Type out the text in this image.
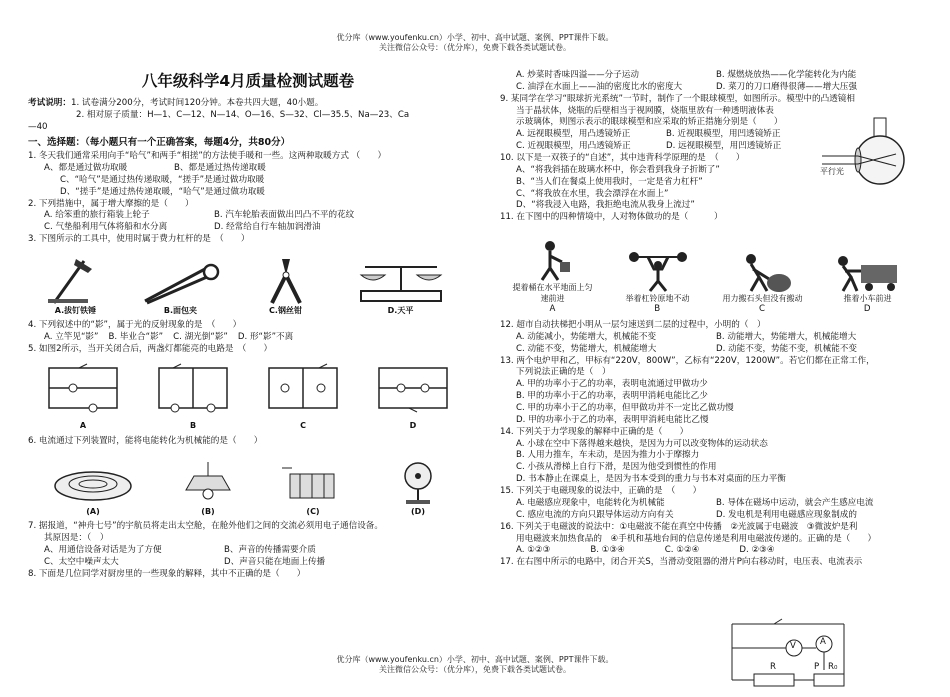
优分库（www.youfenku.cn）小学、初中、高中试题、案例、PPT课件下载。
关注微信公众号：（优分库），免费下载各类试题试卷。
八年级科学4月质量检测试题卷

考试说明：1. 试卷满分200分，考试时间120分钟。本卷共四大题，40小题。

2. 相对原子质量：H—1、C—12、N—14、O—16、S—32、Cl—35.5、Na—23、Ca

—40

一、选择题：（每小题只有一个正确答案，每题4分，共80分）

1. 冬天我们通常采用向手“哈气”和两手“相搓”的方法使手暖和一些。这两种取暖方式 （　　）

A、都是通过做功取暖	B、都是通过热传递取暖

C、“哈气”是通过热传递取暖，“搓手”是通过做功取暖

D、“搓手”是通过热传递取暖，“哈气”是通过做功取暖

2. 下列措施中，属于增大摩擦的是（　　）

A. 给笨重的旅行箱装上轮子	B. 汽车轮胎表面做出凹凸不平的花纹
C. 气垫船利用气体将船和水分离	D. 经常给自行车轴加润滑油

3. 下图所示的工具中，使用时属于费力杠杆的是　（　　）

A.拔钉铁锤	B.面包夹	C.钢丝钳	D.天平

4. 下列叙述中的“影”，属于光的反射现象的是　（　　）

A. 立竿见“影” B. 毕业合“影” C. 湖光倒“影” D. 形“影”不离

5. 如图2所示，当开关闭合后，两盏灯都能亮的电路是　（　　）

A	B	C	D

6. 电流通过下列装置时，能将电能转化为机械能的是（　　）

(A)	(B)	(C)	(D)

7. 据报道，“神舟七号”的宇航员将走出太空舱，在舱外他们之间的交流必须用电子通信设备。

其原因是：（　）

A、用通信设备对话是为了方便	B、声音的传播需要介质
C、太空中噪声太大	D、声音只能在地面上传播

8. 下面是几位同学对厨房里的一些现象的解释，其中不正确的是（　　）

A. 炒菜时香味四溢——分子运动	B. 煤燃烧放热——化学能转化为内能
C. 油浮在水面上——油的密度比水的密度大	D. 菜刀的刀口磨得很薄——增大压强

9. 某同学在学习“眼球折光系统”一节时，制作了一个眼球模型，如图所示。模型中的凸透镜相

当于晶状体，烧瓶的后壁相当于视网膜，烧瓶里放有一种透明液体表

示玻璃体，则图示表示的眼球模型和应采取的矫正措施分别是（　　）

A. 远视眼模型，用凸透镜矫正	B. 近视眼模型，用凹透镜矫正
C. 近视眼模型，用凸透镜矫正	D. 远视眼模型，用凹透镜矫正
平行光

10. 以下是一双筷子的“自述”，其中违背科学原理的是　（　　）

A、“将我斜插在玻璃水杯中，你会看到我身子折断了”

B、“当人们在餐桌上使用我时，一定是省力杠杆”

C、“将我放在水里，我会漂浮在水面上”

D、“将我浸入电路，我拒绝电流从我身上流过”

11. 在下图中的四种情境中，人对物体做功的是（　　　）

提着桶在水平地面上匀速前进	举着杠铃原地不动	用力搬石头但没有搬动	推着小车前进
A	B	C	D

12. 超市自动扶梯把小明从一层匀速送到二层的过程中，小明的（　）

A. 动能减小，势能增大，机械能不变	B. 动能增大，势能增大，机械能增大
C. 动能不变，势能增大，机械能增大	D. 动能不变，势能不变，机械能不变

13. 两个电炉甲和乙，甲标有“220V，800W”，乙标有“220V，1200W”。若它们都在正常工作，

下列说法正确的是（　）

A. 甲的功率小于乙的功率，表明电流通过甲做功少

B. 甲的功率小于乙的功率，表明甲消耗电能比乙少

C. 甲的功率小于乙的功率，但甲做功并不一定比乙做功慢

D. 甲的功率小于乙的功率，表明甲消耗电能比乙慢

14. 下列关于力学现象的解释中正确的是（　　）

A. 小球在空中下落得越来越快，是因为力可以改变物体的运动状态

B. 人用力推车，车未动，是因为推力小于摩擦力

C. 小孩从滑梯上自行下滑，是因为他受到惯性的作用

D. 书本静止在课桌上，是因为书本受到的重力与书本对桌面的压力平衡

15. 下列关于电磁现象的说法中，正确的是　（　　）

A. 电磁感应现象中，电能转化为机械能	B. 导体在磁场中运动，就会产生感应电流
C. 感应电流的方向只跟导体运动方向有关	D. 发电机是利用电磁感应现象制成的

16. 下列关于电磁波的说法中：①电磁波不能在真空中传播　②光波属于电磁波　③微波炉是利

用电磁波来加热食品的　④手机和基地台间的信息传递是利用电磁波传递的。正确的是（　　）

A. ①②③	B. ①③④	C. ①②④	D. ②③④

17. 在右图中所示的电路中，闭合开关S，当滑动变阻器的滑片P向右移动时，电压表、电流表示

V	A
R	P R₀
优分库（www.youfenku.cn）小学、初中、高中试题、案例、PPT课件下载。
关注微信公众号：（优分库），免费下载各类试题试卷。
